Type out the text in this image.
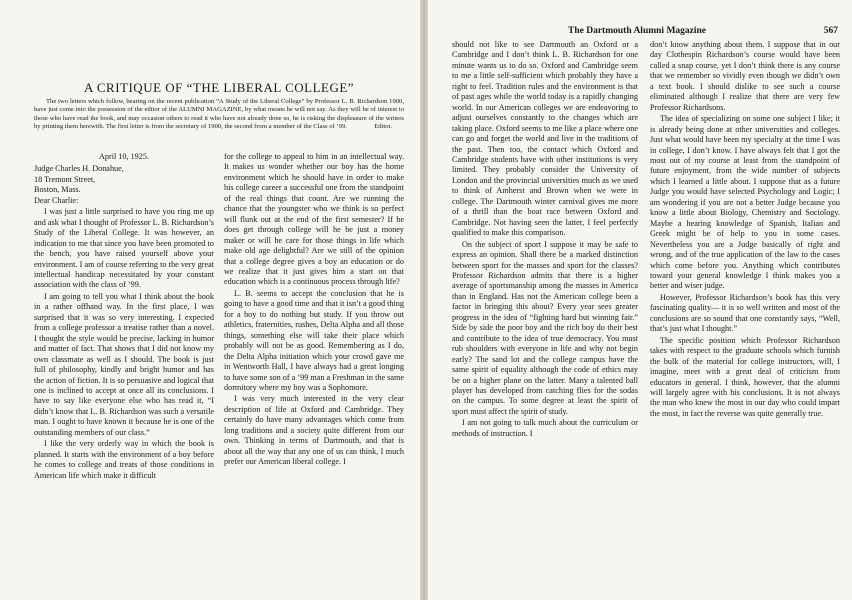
A CRITIQUE OF “THE LIBERAL COLLEGE”
The two letters which follow, bearing on the recent publication “A Study of the Liberal College” by Professor L. B. Richardson 1900, have just come into the possession of the editor of the ALUMNI MAGAZINE, by what means he will not say. As they will be of interest to those who have read the book, and may occasion others to read it who have not already done so, he is risking the displeasure of the writers by printing them herewith. The first letter is from the secretary of 1900, the second from a member of the Class of ’99.	Editor.
April 10, 1925.
Judge Charles H. Donahue,
18 Tremont Street,
Boston, Mass.

Dear Charlie:

I was just a little surprised to have you ring me up and ask what I thought of Professor L. B. Richardson’s Study of the Liberal College. It was however, an indication to me that since you have been promoted to the bench, you have raised yourself above your environment. I am of course referring to the very great intellectual handicap necessitated by your constant association with the class of ’99.

I am going to tell you what I think about the book in a rather offhand way. In the first place, I was surprised that it was so very interesting. I expected from a college professor a treatise rather than a novel. I thought the style would be precise, lacking in humor and matter of fact. That shows that I did not know my own classmate as well as I should. The book is just full of philosophy, kindly and bright humor and has the action of fiction. It is so persuasive and logical that one is inclined to accept at once all its conclusions. I have to say like everyone else who has read it, “I didn’t know that L. B. Richardson was such a versatile man. I ought to have known it because he is one of the outstanding members of our class.”

I like the very orderly way in which the book is planned. It starts with the environment of a boy before he comes to college and treats of those conditions in American life which make it difficult

for the college to appeal to him in an intellectual way. It makes us wonder whether our boy has the home environment which he should have in order to make his college career a successful one from the standpoint of the real things that count. Are we running the chance that the youngster who we think is so perfect will flunk out at the end of the first semester? If he does get through college will he be just a money maker or will he care for those things in life which make old age delightful? Are we still of the opinion that a college degree gives a boy an education or do we realize that it just gives him a start on that education which is a continuous process through life?

L. B. seems to accept the conclusion that he is going to have a good time and that it isn’t a good thing for a boy to do nothing but study. If you throw out athletics, fraternities, rushes, Delta Alpha and all those things, something else will take their place which probably will not be as good. Remembering as I do, the Delta Alpha initiation which your crowd gave me in Wentworth Hall, I have always had a great longing to have some son of a ’99 man a Freshman in the same dormitory where my boy was a Sophomore.

I was very much interested in the very clear description of life at Oxford and Cambridge. They certainly do have many advantages which come from long traditions and a society quite different from our own. Thinking in terms of Dartmouth, and that is about all the way that any one of us can think, I much prefer our American liberal college. I

The Dartmouth Alumni Magazine	567

should not like to see Dartmouth an Oxford or a Cambridge and I don’t think L. B. Richardson for one minute wants us to do so. Oxford and Cambridge seem to me a little self-sufficient which probably they have a right to feel. Tradition rules and the environment is that of past ages while the world today is a rapidly changing world. In our American colleges we are endeavoring to adjust ourselves constantly to the changes which are taking place. Oxford seems to me like a place where one can go and forget the world and live in the traditions of the past. Then too, the contact which Oxford and Cambridge students have with other institutions is very limited. They probably consider the University of London and the provincial universities much as we used to think of Amherst and Brown when we were in college. The Dartmouth winter carnival gives me more of a thrill than the boat race between Oxford and Cambridge. Not having seen the latter, I feel perfectly qualified to make this comparison.

On the subject of sport I suppose it may be safe to express an opinion. Shall there be a marked distinction between sport for the masses and sport for the classes? Professor Richardson admits that there is a higher average of sportsmanship among the masses in America than in England. Has not the American college been a factor in bringing this about? Every year sees greater progress in the idea of “fighting hard but winning fair.” Side by side the poor boy and the rich boy do their best and contribute to the idea of true democracy. You must rub shoulders with everyone in life and why not begin early? The sand lot and the college campus have the same spirit of equality although the code of ethics may be on a higher plane on the latter. Many a talented ball player has developed from catching flies for the sodas on the campus. To some degree at least the spirit of sport must affect the spirit of study.

I am not going to talk much about the curriculum or methods of instruction. I

don’t know anything about them. I suppose that in our day Clothespin Richardson’s course would have been called a snap course, yet I don’t think there is any course that we remember so vividly even though we didn’t own a text book. I should dislike to see such a course eliminated although I realize that there are very few Professor Richardsons.

The idea of specializing on some one subject I like; it is already being done at other universities and colleges. Just what would have been my specialty at the time I was in college, I don’t know. I have always felt that I got the most out of my course at least from the standpoint of future enjoyment, from the wide number of subjects which I learned a little about. I suppose that as a future Judge you would have selected Psychology and Logic; I am wondering if you are not a better Judge because you know a little about Biology, Chemistry and Sociology. Maybe a hearing knowledge of Spanish, Italian and Greek might be of help to you in some cases. Nevertheless you are a Judge basically of right and wrong, and of the true application of the law to the cases which come before you. Anything which contributes toward your general knowledge I think makes you a better and wiser judge.

However, Professor Richardson’s book has this very fascinating quality— it is so well written and most of the conclusions are so sound that one constantly says, “Well, that’s just what I thought.”

The specific position which Professor Richardson takes with respect to the graduate schools which furnish the bulk of the material for college instructors, will, I imagine, meet with a great deal of criticism from educators in general. I think, however, that the alumni will largely agree with his conclusions. It is not always the man who knew the most in our day who could impart the most, in fact the reverse was quite generally true.
